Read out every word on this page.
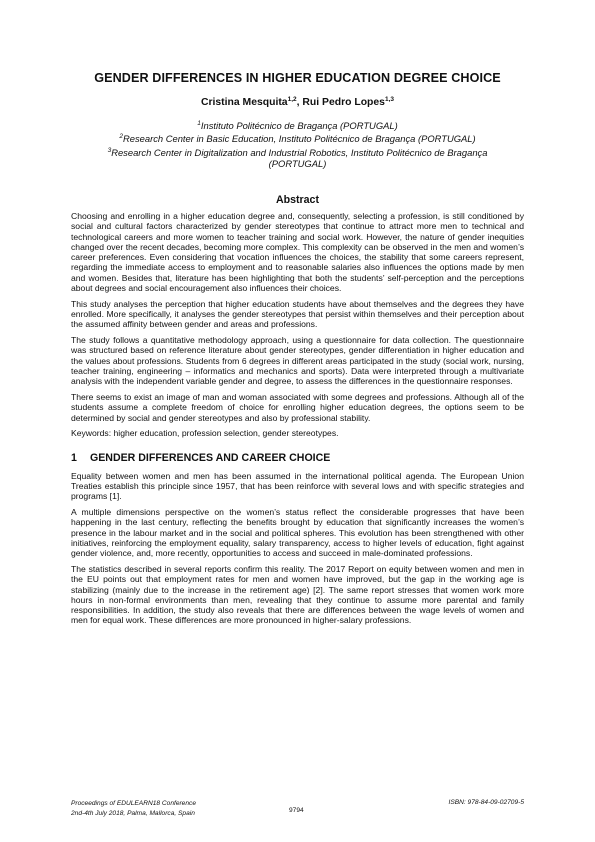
GENDER DIFFERENCES IN HIGHER EDUCATION DEGREE CHOICE
Cristina Mesquita$^{1,2}$, Rui Pedro Lopes$^{1,3}$
$^1$Instituto Politécnico de Bragança (PORTUGAL)
$^2$Research Center in Basic Education, Instituto Politécnico de Bragança (PORTUGAL)
$^3$Research Center in Digitalization and Industrial Robotics, Instituto Politécnico de Bragança
(PORTUGAL)
Abstract

Choosing and enrolling in a higher education degree and, consequently, selecting a profession, is still conditioned by social and cultural factors characterized by gender stereotypes that continue to attract more men to technical and technological careers and more women to teacher training and social work. However, the nature of gender inequities changed over the recent decades, becoming more complex. This complexity can be observed in the men and women’s career preferences. Even considering that vocation influences the choices, the stability that some careers represent, regarding the immediate access to employment and to reasonable salaries also influences the options made by men and women. Besides that, literature has been highlighting that both the students’ self-perception and the perceptions about degrees and social encouragement also influences their choices.

This study analyses the perception that higher education students have about themselves and the degrees they have enrolled. More specifically, it analyses the gender stereotypes that persist within themselves and their perception about the assumed affinity between gender and areas and professions.

The study follows a quantitative methodology approach, using a questionnaire for data collection. The questionnaire was structured based on reference literature about gender stereotypes, gender differentiation in higher education and the values about professions. Students from 6 degrees in different areas participated in the study (social work, nursing, teacher training, engineering – informatics and mechanics and sports). Data were interpreted through a multivariate analysis with the independent variable gender and degree, to assess the differences in the questionnaire responses.

There seems to exist an image of man and woman associated with some degrees and professions. Although all of the students assume a complete freedom of choice for enrolling higher education degrees, the options seem to be determined by social and gender stereotypes and also by professional stability.

Keywords: higher education, profession selection, gender stereotypes.

1 GENDER DIFFERENCES AND CAREER CHOICE

Equality between women and men has been assumed in the international political agenda. The European Union Treaties establish this principle since 1957, that has been reinforce with several lows and with specific strategies and programs [1].

A multiple dimensions perspective on the women’s status reflect the considerable progresses that have been happening in the last century, reflecting the benefits brought by education that significantly increases the women’s presence in the labour market and in the social and political spheres. This evolution has been strengthened with other initiatives, reinforcing the employment equality, salary transparency, access to higher levels of education, fight against gender violence, and, more recently, opportunities to access and succeed in male-dominated professions.

The statistics described in several reports confirm this reality. The 2017 Report on equity between women and men in the EU points out that employment rates for men and women have improved, but the gap in the working age is stabilizing (mainly due to the increase in the retirement age) [2]. The same report stresses that women work more hours in non-formal environments than men, revealing that they continue to assume more parental and family responsibilities. In addition, the study also reveals that there are differences between the wage levels of women and men for equal work. These differences are more pronounced in higher-salary professions.

Proceedings of EDULEARN18 Conference
2nd-4th July 2018, Palma, Mallorca, Spain	9794
ISBN: 978-84-09-02709-5
